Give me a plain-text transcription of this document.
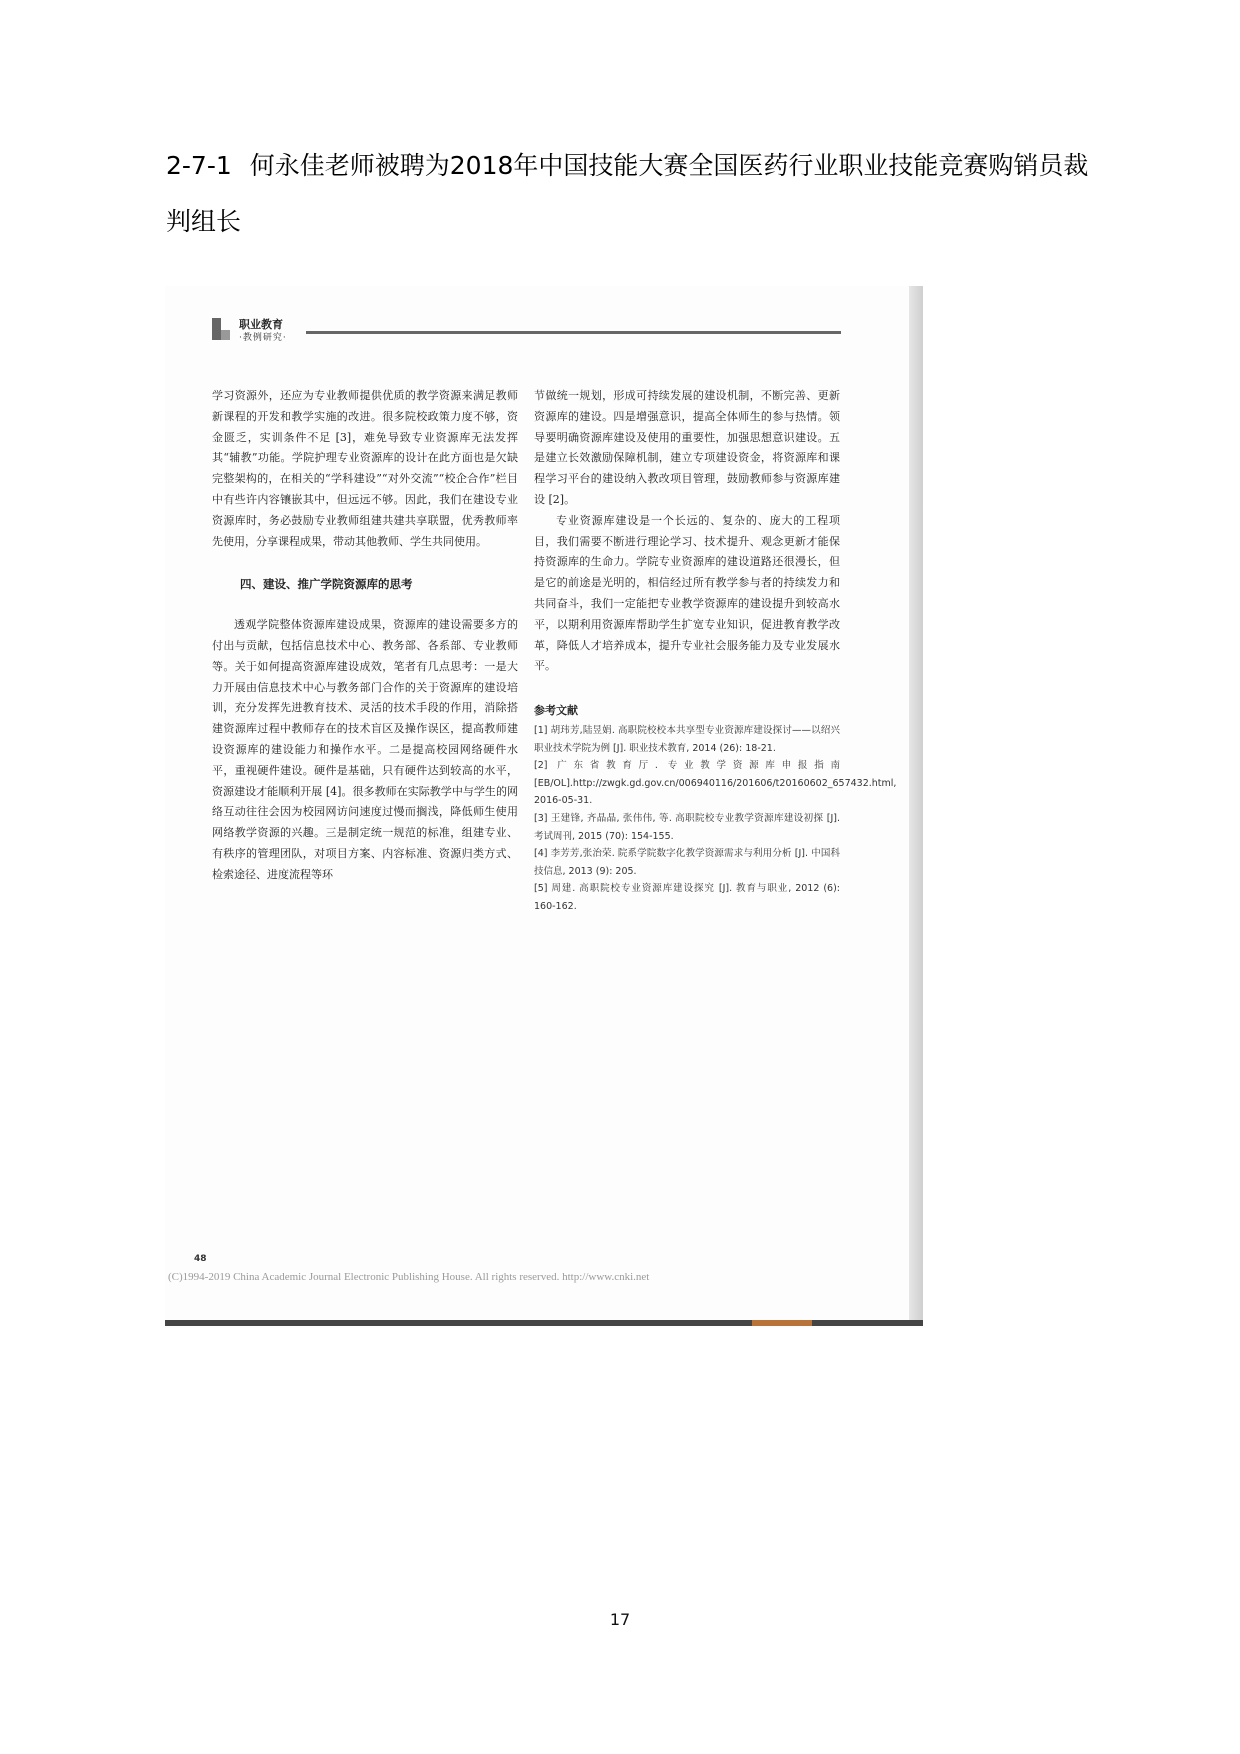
2-7-1 何永佳老师被聘为2018年中国技能大赛全国医药行业职业技能竞赛购销员裁判组长
职业教育
·教例研究·

学习资源外，还应为专业教师提供优质的教学资源来满足教师新课程的开发和教学实施的改进。很多院校政策力度不够，资金匮乏，实训条件不足 [3]，难免导致专业资源库无法发挥其“辅教”功能。学院护理专业资源库的设计在此方面也是欠缺完整架构的，在相关的“学科建设”“对外交流”“校企合作”栏目中有些许内容镶嵌其中，但远远不够。因此，我们在建设专业资源库时，务必鼓励专业教师组建共建共享联盟，优秀教师率先使用，分享课程成果，带动其他教师、学生共同使用。

四、建设、推广学院资源库的思考

透观学院整体资源库建设成果，资源库的建设需要多方的付出与贡献，包括信息技术中心、教务部、各系部、专业教师等。关于如何提高资源库建设成效，笔者有几点思考：一是大力开展由信息技术中心与教务部门合作的关于资源库的建设培训，充分发挥先进教育技术、灵活的技术手段的作用，消除搭建资源库过程中教师存在的技术盲区及操作误区，提高教师建设资源库的建设能力和操作水平。二是提高校园网络硬件水平，重视硬件建设。硬件是基础，只有硬件达到较高的水平，资源建设才能顺利开展 [4]。很多教师在实际教学中与学生的网络互动往往会因为校园网访问速度过慢而搁浅，降低师生使用网络教学资源的兴趣。三是制定统一规范的标准，组建专业、有秩序的管理团队，对项目方案、内容标准、资源归类方式、检索途径、进度流程等环

节做统一规划，形成可持续发展的建设机制，不断完善、更新资源库的建设。四是增强意识，提高全体师生的参与热情。领导要明确资源库建设及使用的重要性，加强思想意识建设。五是建立长效激励保障机制，建立专项建设资金，将资源库和课程学习平台的建设纳入教改项目管理，鼓励教师参与资源库建设 [2]。

专业资源库建设是一个长远的、复杂的、庞大的工程项目，我们需要不断进行理论学习、技术提升、观念更新才能保持资源库的生命力。学院专业资源库的建设道路还很漫长，但是它的前途是光明的，相信经过所有教学参与者的持续发力和共同奋斗，我们一定能把专业教学资源库的建设提升到较高水平，以期利用资源库帮助学生扩宽专业知识，促进教育教学改革，降低人才培养成本，提升专业社会服务能力及专业发展水平。

参考文献

[1] 胡玮芳,陆昱娟. 高职院校校本共享型专业资源库建设探讨——以绍兴职业技术学院为例 [J]. 职业技术教育, 2014 (26): 18-21.

[2] 广东省教育厅. 专业教学资源库申报指南 [EB/OL].http://zwgk.gd.gov.cn/006940116/201606/t20160602_657432.html, 2016-05-31.

[3] 王建锋, 齐晶晶, 张伟伟, 等. 高职院校专业教学资源库建设初探 [J]. 考试周刊, 2015 (70): 154-155.

[4] 李芳芳,张治荣. 院系学院数字化教学资源需求与利用分析 [J]. 中国科技信息, 2013 (9): 205.

[5] 周建. 高职院校专业资源库建设探究 [J]. 教育与职业, 2012 (6): 160-162.

48
(C)1994-2019 China Academic Journal Electronic Publishing House. All rights reserved. http://www.cnki.net
17
